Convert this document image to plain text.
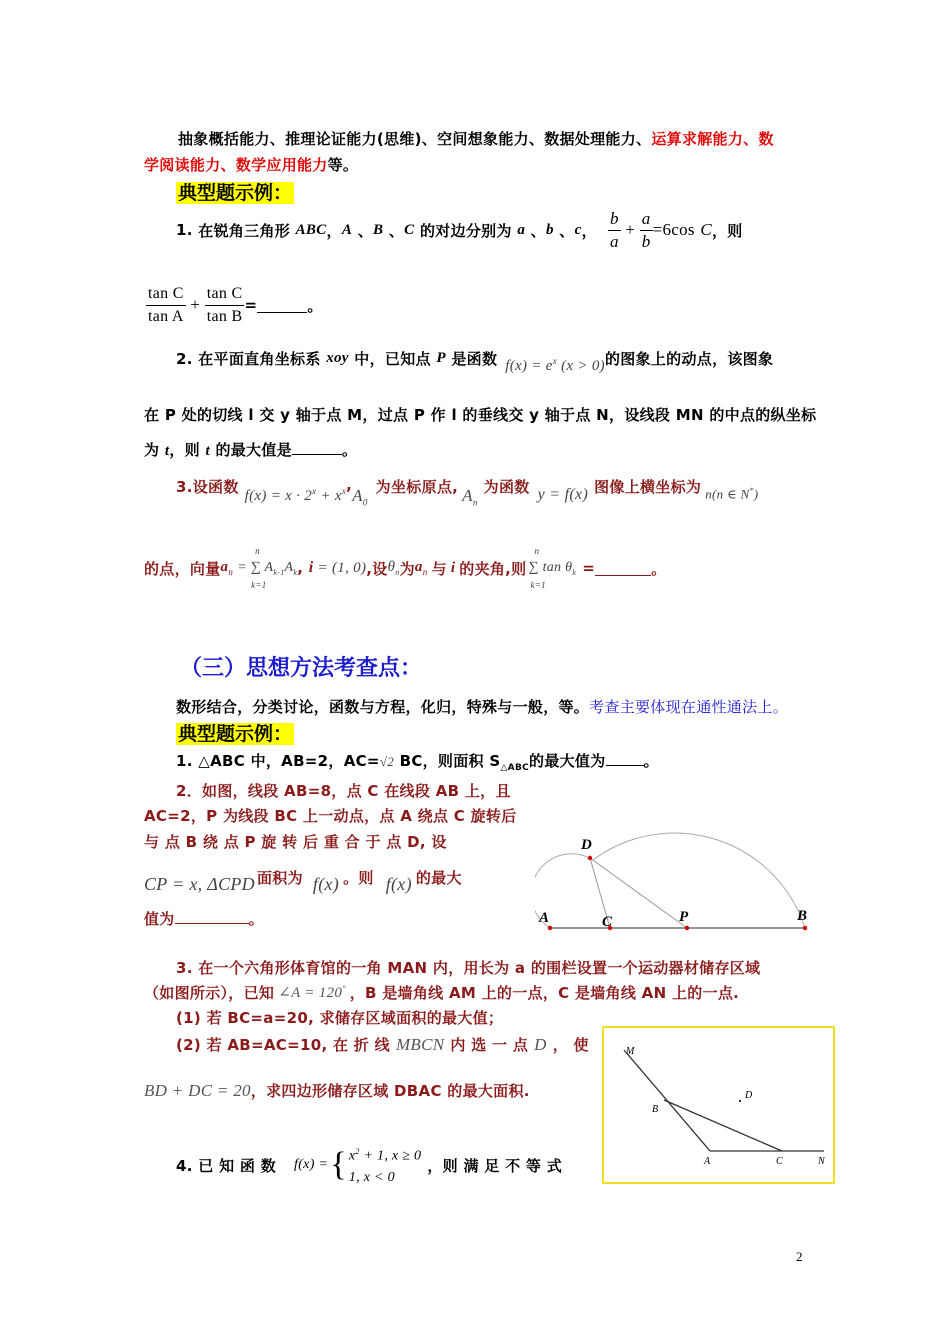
抽象概括能力、推理论证能力(思维)、空间想象能力、数据处理能力、运算求解能力、数
学阅读能力、数学应用能力等。
典型题示例：
1.
在锐角三角形
ABC ， A 、 B 、 C
的对边分别为
a 、 b 、 c ， $\frac{b}{a} + \frac{a}{b} =6\cos$
C ，则
$\frac{\text{tan C}}{\text{tan A}} + \frac{\text{tan C}}{\text{tan B}}$ =	。
2. 在平面直角坐标系
xoy
中，已知点
P
是函数 $f(x) = e^x$ (x > 0) 的图象上的动点，该图象
在 P 处的切线 l 交 y 轴于点 M，过点 P 作 l 的垂线交 y 轴于点 N，设线段 MN 的中点的纵坐标
为 t，则 t 的最大值是	。
3.设函数 $f(x) = x \cdot 2^x + x^x$ ,
$A_0$
为坐标原点, $A_n$
为函数 y = f(x) 图像上横坐标为 n(n ∈ N*)
的点，向量 $a_n$
n
= ∑ $A_{k-1}A_k$
k=1
, i = (1, 0) ,设 $\theta_n$ 为 $a_n$ 与 i 的夹角,则
n
∑ $\tan \theta_k$
k=1
=	。
（三）思想方法考查点：
数形结合，分类讨论，函数与方程，化归，特殊与一般，等。考查主要体现在通性通法上。
典型题示例：
1. △ABC 中，AB=2，AC=√2 BC，则面积 $S_{\triangle ABC}$的最大值为	。
2．如图，线段 AB=8，点 C 在线段 AB 上，且
AC=2，P 为线段 BC 上一动点，点 A 绕点 C 旋转后
与 点 B 绕 点 P 旋 转 后 重 合 于 点 D, 设
CP = x, ΔCPD 面积为 f(x) 。则 f(x) 的最大
值为	。
D
A	C	P	B
3. 在一个六角形体育馆的一角 MAN 内，用长为 a 的围栏设置一个运动器材储存区域
（如图所示），已知 ∠A = 120° ，B 是墙角线 AM 上的一点，C 是墙角线 AN 上的一点.
(1) 若 BC=a=20, 求储存区域面积的最大值；
(2) 若 AB=AC=10, 在 折 线 MBCN 内 选 一 点 D ， 使
BD + DC = 20 ，求四边形储存区域 DBAC 的最大面积.
M
B
D
A	C	N
4. 已 知 函 数 f(x) = { $x^2 + 1$, x ≥ 0
1, x < 0
，则 满 足 不 等 式
2
